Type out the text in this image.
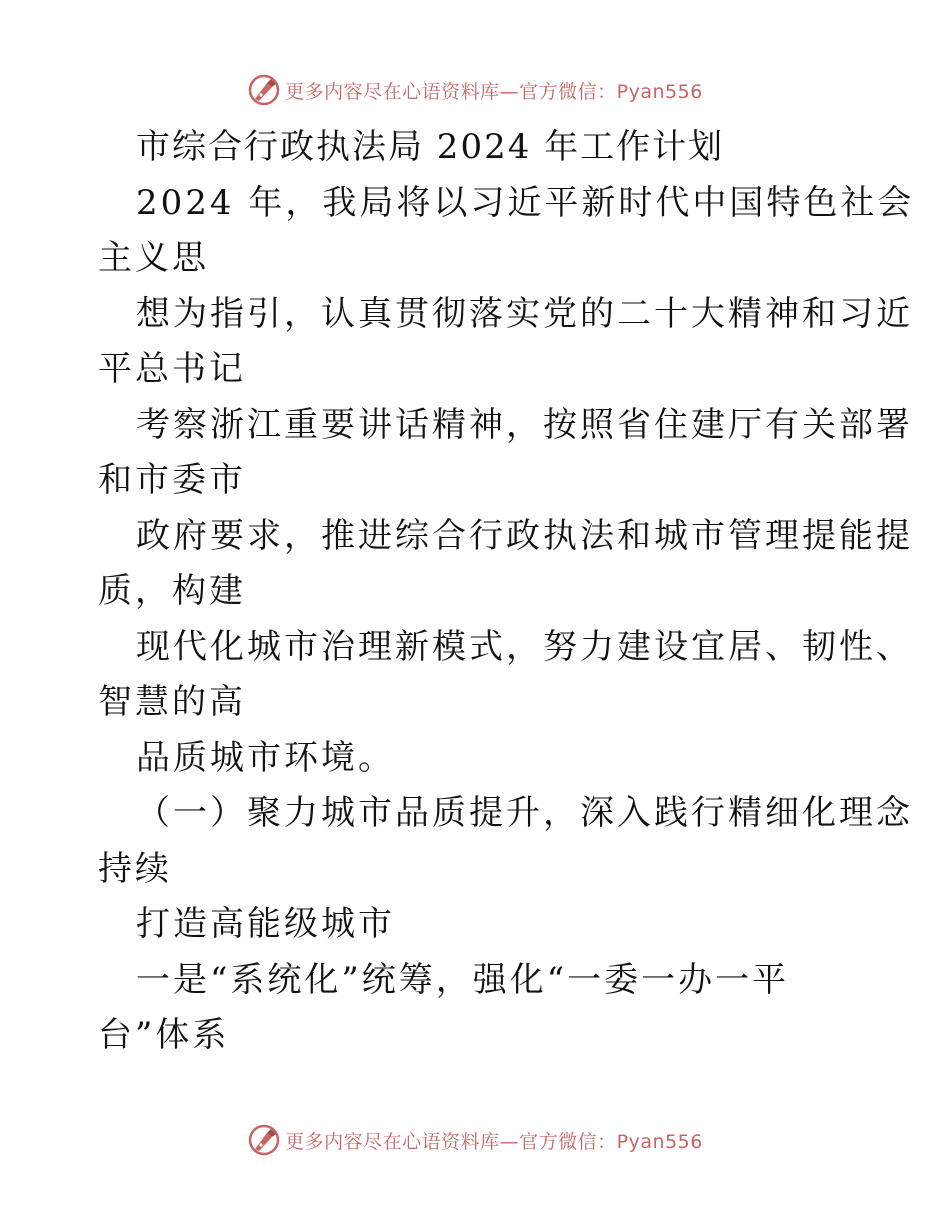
更多内容尽在心语资料库—官方微信：Pyan556
市综合行政执法局 2024 年工作计划
2024 年，我局将以习近平新时代中国特色社会
主义思
想为指引，认真贯彻落实党的二十大精神和习近
平总书记
考察浙江重要讲话精神，按照省住建厅有关部署
和市委市
政府要求，推进综合行政执法和城市管理提能提
质，构建
现代化城市治理新模式，努力建设宜居、韧性、
智慧的高
品质城市环境。
（一）聚力城市品质提升，深入践行精细化理念
持续
打造高能级城市
一是“系统化”统筹，强化“一委一办一平
台”体系
更多内容尽在心语资料库—官方微信：Pyan556
